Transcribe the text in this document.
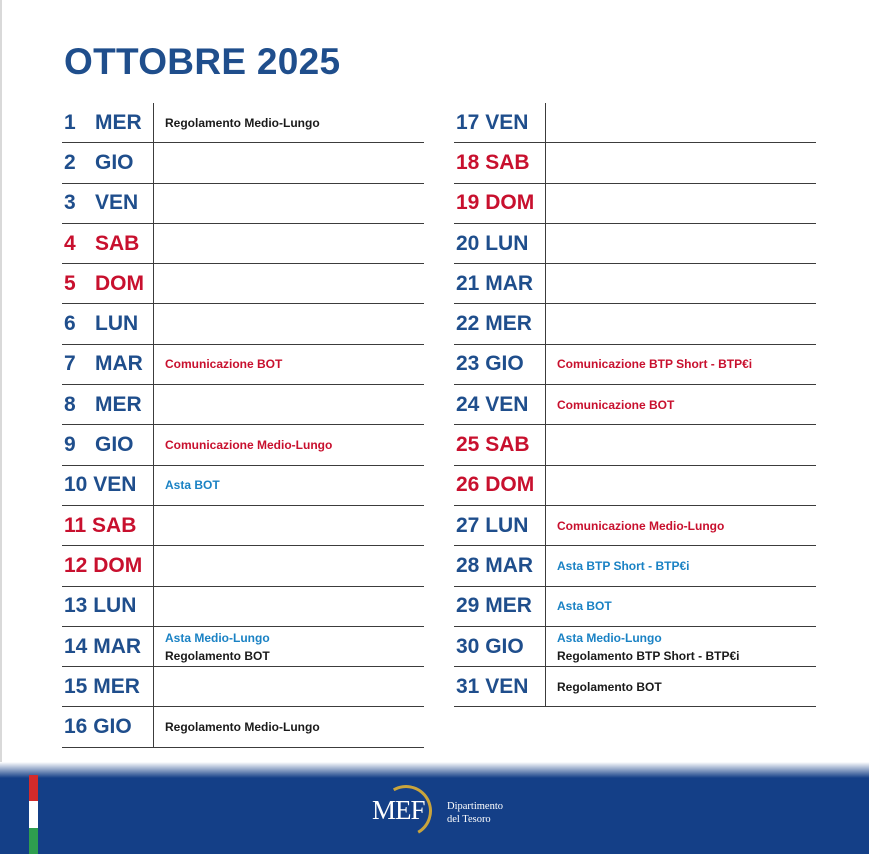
OTTOBRE 2025
1 MER	Regolamento Medio-Lungo
2 GIO
3 VEN
4 SAB
5 DOM
6 LUN
7 MAR	Comunicazione BOT
8 MER
9 GIO	Comunicazione Medio-Lungo
10 VEN	Asta BOT
11 SAB
12 DOM
13 LUN
14 MAR	Asta Medio-Lungo
Regolamento BOT
15 MER
16 GIO	Regolamento Medio-Lungo
17 VEN
18 SAB
19 DOM
20 LUN
21 MAR
22 MER
23 GIO	Comunicazione BTP Short - BTP€i
24 VEN	Comunicazione BOT
25 SAB
26 DOM
27 LUN	Comunicazione Medio-Lungo
28 MAR	Asta BTP Short - BTP€i
29 MER	Asta BOT
30 GIO	Asta Medio-Lungo
Regolamento BTP Short - BTP€i
31 VEN	Regolamento BOT
MEF Dipartimento
del Tesoro
